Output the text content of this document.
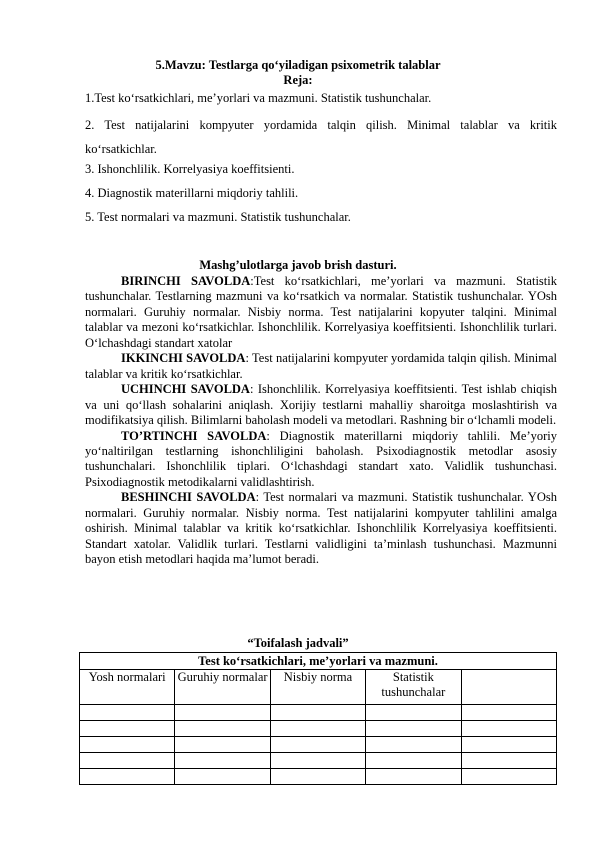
5.Mavzu: Testlarga qo‘yiladigan psixometrik talablar
Reja:

1.Test ko‘rsatkichlari, me’yorlari va mazmuni. Statistik tushunchalar.

2. Test natijalarini kompyuter yordamida talqin qilish. Minimal talablar va kritik ko‘rsatkichlar.

3. Ishonchlilik. Korrelyasiya koeffitsienti.

4. Diagnostik materillarni miqdoriy tahlili.

5. Test normalari va mazmuni. Statistik tushunchalar.

Mashg’ulotlarga javob brish dasturi.

BIRINCHI SAVOLDA:Test ko‘rsatkichlari, me’yorlari va mazmuni. Statistik tushunchalar. Testlarning mazmuni va ko‘rsatkich va normalar. Statistik tushunchalar. YOsh normalari. Guruhiy normalar. Nisbiy norma. Test natijalarini kopyuter talqini. Minimal talablar va mezoni ko‘rsatkichlar. Ishonchlilik. Korrelyasiya koeffitsienti. Ishonchlilik turlari. O‘lchashdagi standart xatolar

IKKINCHI SAVOLDA: Test natijalarini kompyuter yordamida talqin qilish. Minimal talablar va kritik ko‘rsatkichlar.

UCHINCHI SAVOLDA: Ishonchlilik. Korrelyasiya koeffitsienti. Test ishlab chiqish va uni qo‘llash sohalarini aniqlash. Xorijiy testlarni mahalliy sharoitga moslashtirish va modifikatsiya qilish. Bilimlarni baholash modeli va metodlari. Rashning bir o‘lchamli modeli.

TO’RTINCHI SAVOLDA: Diagnostik materillarni miqdoriy tahlili. Me’yoriy yo‘naltirilgan testlarning ishonchliligini baholash. Psixodiagnostik metodlar asosiy tushunchalari. Ishonchlilik tiplari. O‘lchashdagi standart xato. Validlik tushunchasi. Psixodiagnostik metodikalarni validlashtirish.

BESHINCHI SAVOLDA: Test normalari va mazmuni. Statistik tushunchalar. YOsh normalari. Guruhiy normalar. Nisbiy norma. Test natijalarini kompyuter tahlilini amalga oshirish. Minimal talablar va kritik ko‘rsatkichlar. Ishonchlilik Korrelyasiya koeffitsienti. Standart xatolar. Validlik turlari. Testlarni validligini ta’minlash tushunchasi. Mazmunni bayon etish metodlari haqida ma’lumot beradi.

“Toifalash jadvali”
Test ko‘rsatkichlari, me’yorlari va mazmuni.				
Yosh normalari	Guruhiy normalar	Nisbiy norma	Statistik tushunchalar	
